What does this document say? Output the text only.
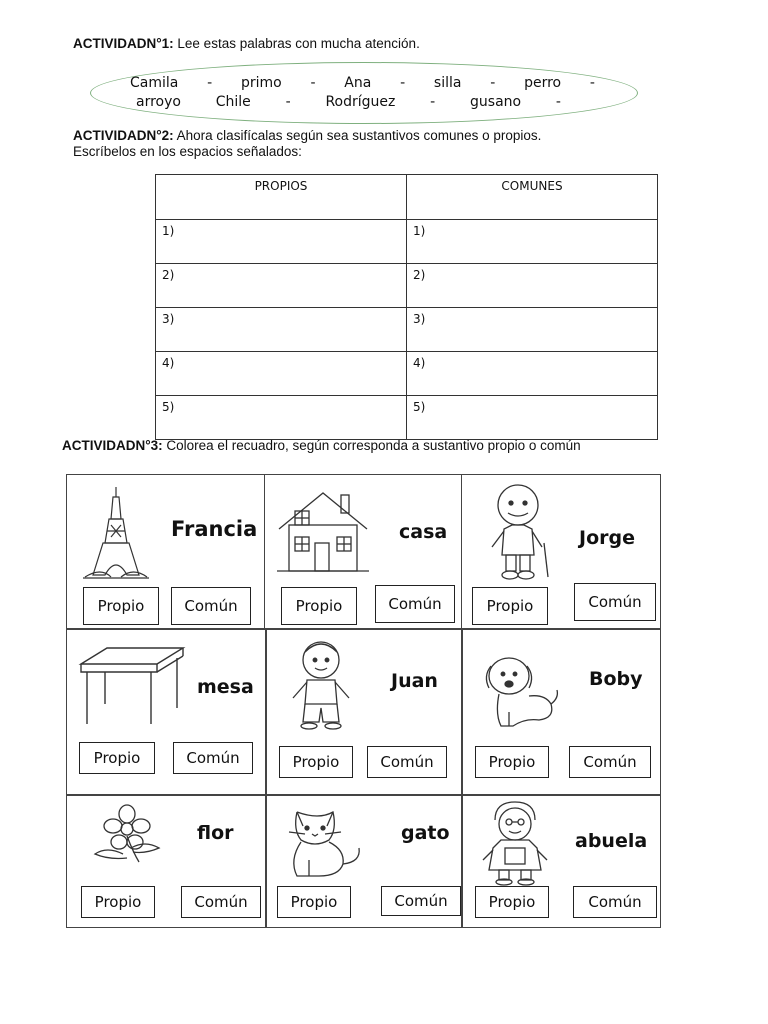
ACTIVIDADN°1: Lee estas palabras con mucha atención.
Camila - primo - Ana - silla - perro -
arroyo Chile - Rodríguez - gusano -
ACTIVIDADN°2: Ahora clasifícalas según sea sustantivos comunes o propios.
Escríbelos en los espacios señalados:
PROPIOS	COMUNES
1)	1)
2)	2)
3)	3)
4)	4)
5)	5)
ACTIVIDADN°3: Colorea el recuadro, según corresponda a sustantivo propio o común
Francia
Propio	Común
casa
Propio	Común
Jorge
Propio	Común
mesa
Propio	Común
Juan
Propio	Común
Boby
Propio	Común
flor
Propio	Común
gato
Propio	Común
abuela
Propio	Común
